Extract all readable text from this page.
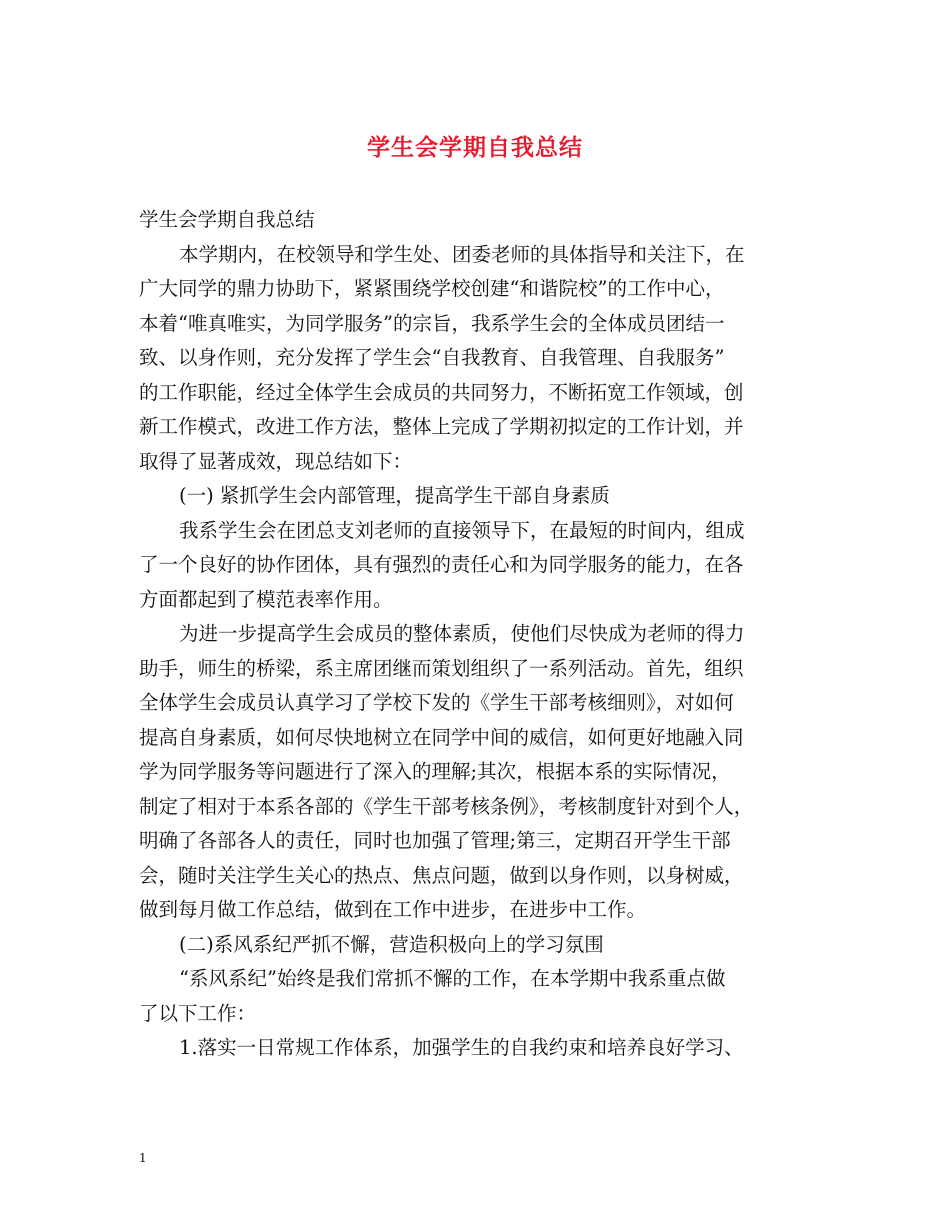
学生会学期自我总结
学生会学期自我总结
本学期内，在校领导和学生处、团委老师的具体指导和关注下，在
广大同学的鼎力协助下，紧紧围绕学校创建“和谐院校”的工作中心，
本着“唯真唯实，为同学服务”的宗旨，我系学生会的全体成员团结一
致、以身作则，充分发挥了学生会“自我教育、自我管理、自我服务”
的工作职能，经过全体学生会成员的共同努力，不断拓宽工作领域，创
新工作模式，改进工作方法，整体上完成了学期初拟定的工作计划，并
取得了显著成效，现总结如下：
(一) 紧抓学生会内部管理，提高学生干部自身素质
我系学生会在团总支刘老师的直接领导下，在最短的时间内，组成
了一个良好的协作团体，具有强烈的责任心和为同学服务的能力，在各
方面都起到了模范表率作用。
为进一步提高学生会成员的整体素质，使他们尽快成为老师的得力
助手，师生的桥梁，系主席团继而策划组织了一系列活动。首先，组织
全体学生会成员认真学习了学校下发的《学生干部考核细则》，对如何
提高自身素质，如何尽快地树立在同学中间的威信，如何更好地融入同
学为同学服务等问题进行了深入的理解;其次，根据本系的实际情况，
制定了相对于本系各部的《学生干部考核条例》，考核制度针对到个人，
明确了各部各人的责任，同时也加强了管理;第三，定期召开学生干部
会，随时关注学生关心的热点、焦点问题，做到以身作则，以身树威，
做到每月做工作总结，做到在工作中进步，在进步中工作。
(二)系风系纪严抓不懈，营造积极向上的学习氛围
“系风系纪”始终是我们常抓不懈的工作，在本学期中我系重点做
了以下工作：
1.落实一日常规工作体系，加强学生的自我约束和培养良好学习、
1
